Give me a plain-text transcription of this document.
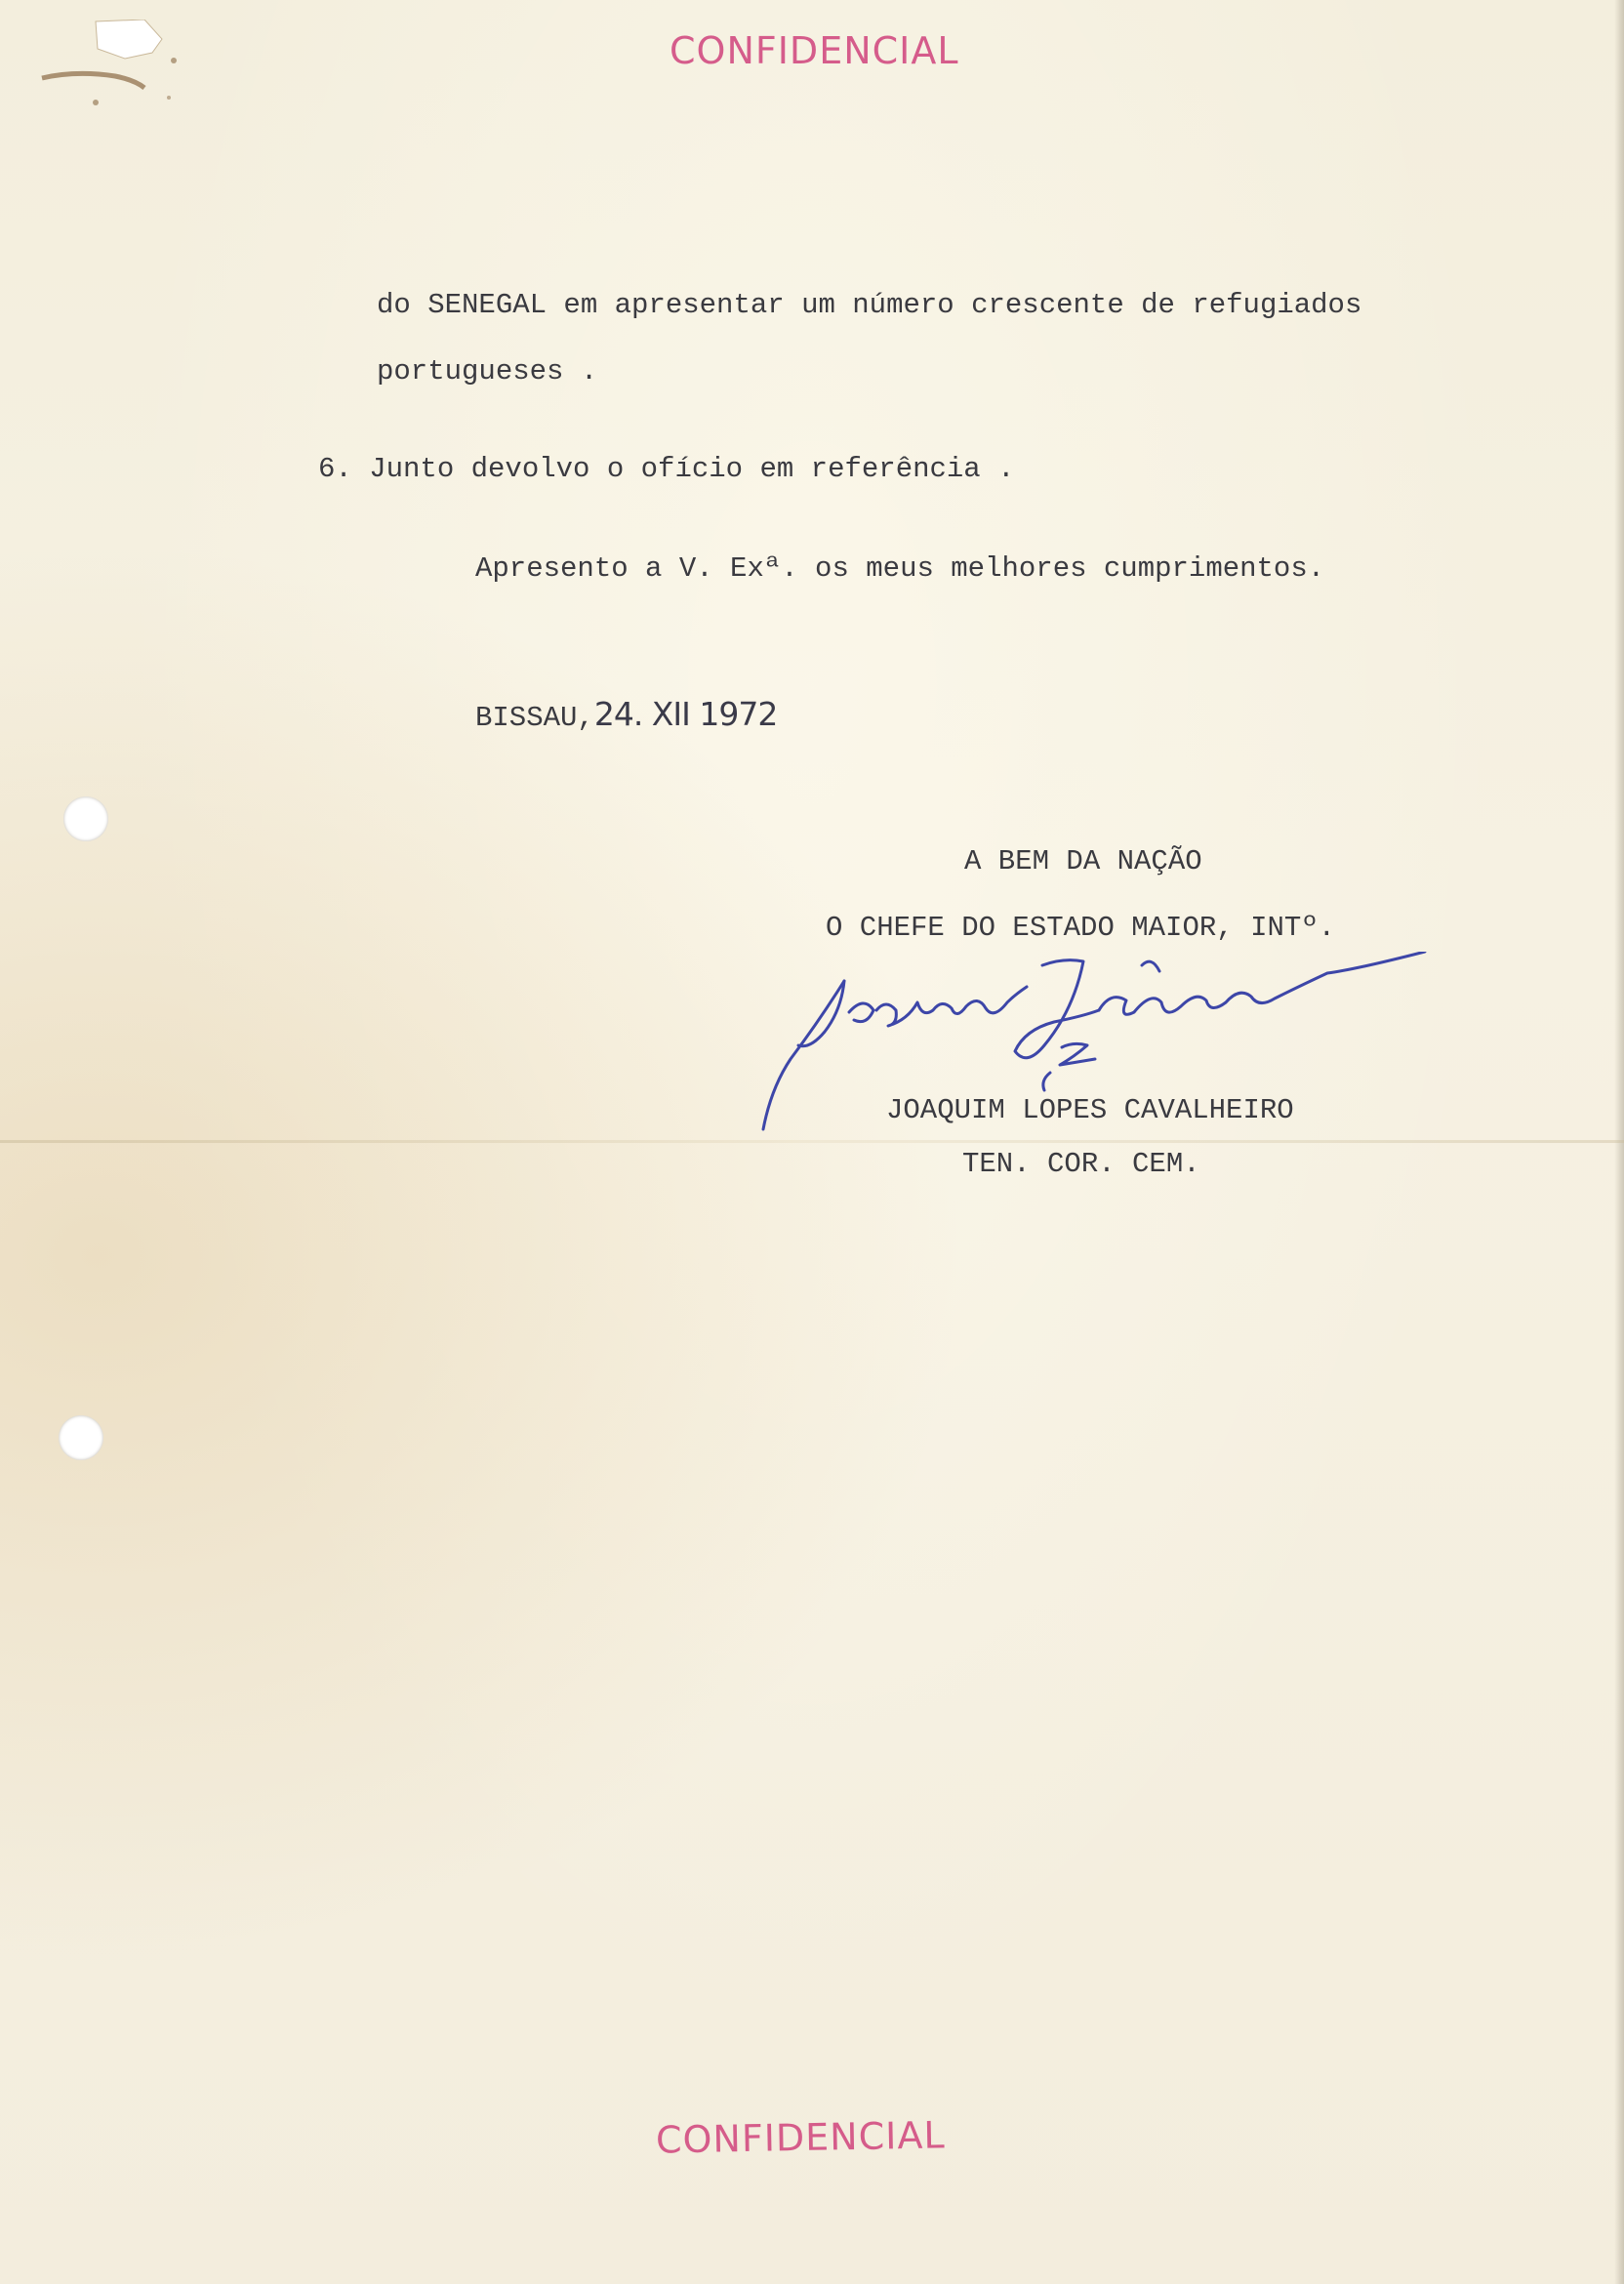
CONFIDENCIAL
do SENEGAL em apresentar um número crescente de refugiados
portugueses .
6. Junto devolvo o ofício em referência .
Apresento a V. Exª. os meus melhores cumprimentos.
BISSAU,24. XII 1972
A BEM DA NAÇÃO
O CHEFE DO ESTADO MAIOR, INTº.
JOAQUIM LOPES CAVALHEIRO
TEN. COR. CEM.
CONFIDENCIAL
